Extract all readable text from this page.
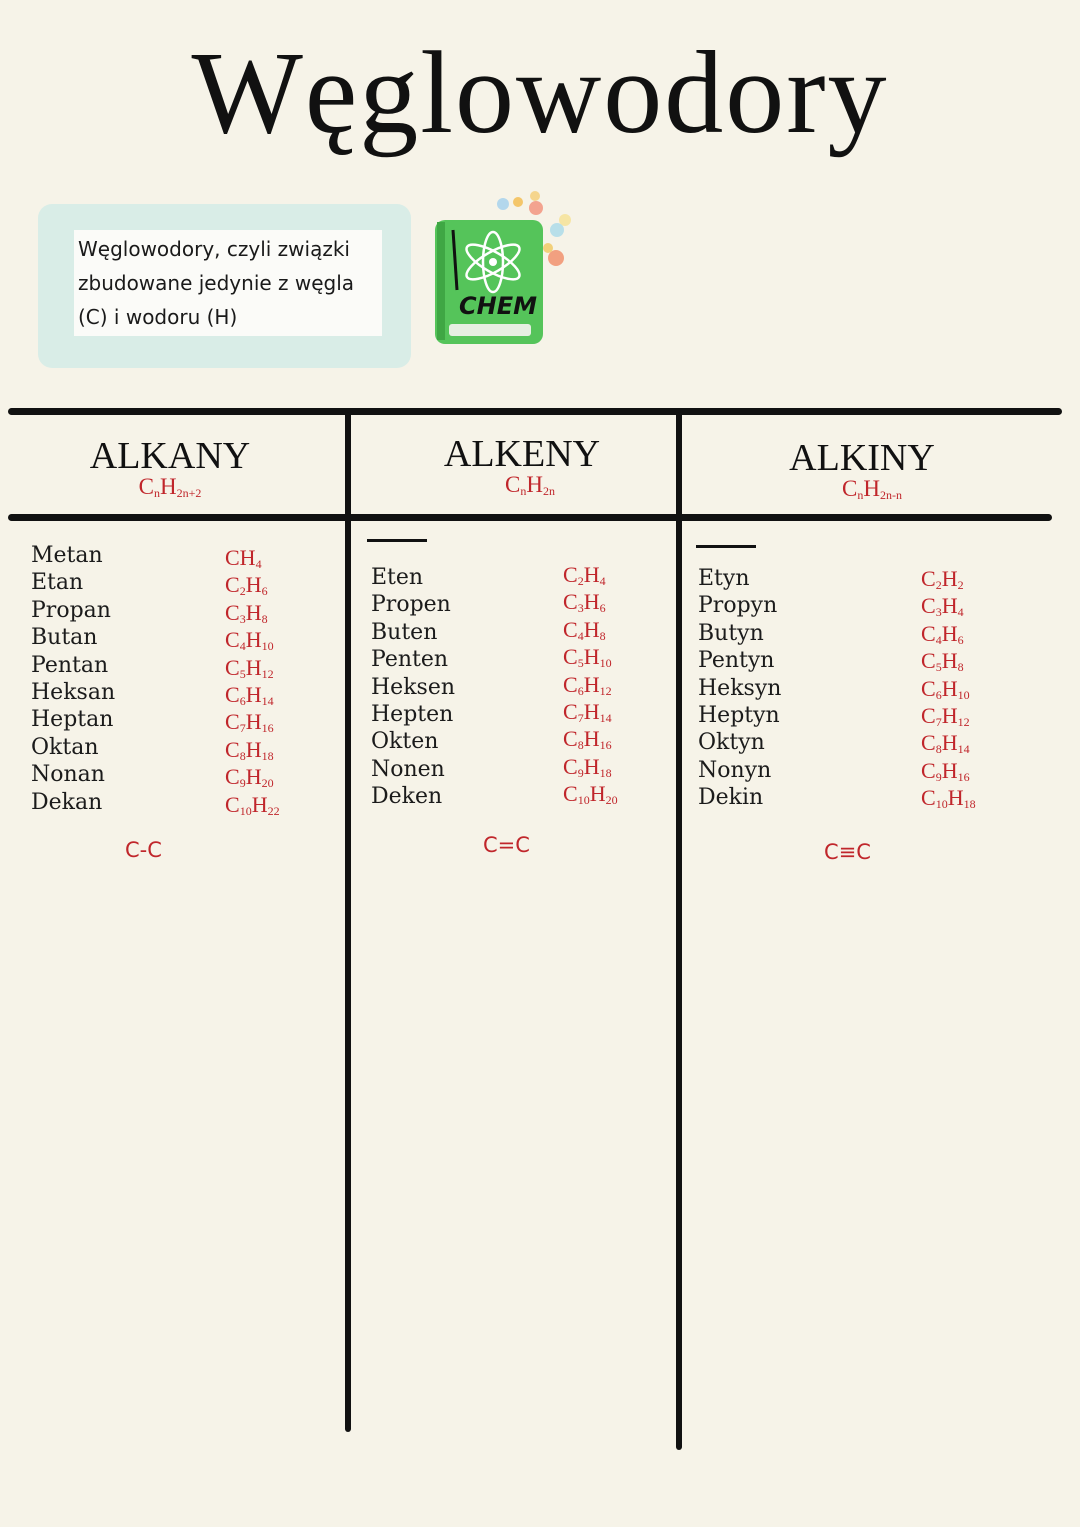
Węglowodory
Węglowodory, czyli związki zbudowane jedynie z węgla (C) i wodoru (H)	CHEM
ALKANY
$C_nH_{2n+2}$
Metan
Etan
Propan
Butan
Pentan
Heksan
Heptan
Oktan
Nonan
Dekan
$CH_4$
$C_2H_6$
$C_3H_8$
$C_4H_{10}$
$C_5H_{12}$
$C_6H_{14}$
$C_7H_{16}$
$C_8H_{18}$
$C_9H_{20}$
$C_{10}H_{22}$
C-C
ALKENY
$C_nH_{2n}$
Eten
Propen
Buten
Penten
Heksen
Hepten
Okten
Nonen
Deken
$C_2H_4$
$C_3H_6$
$C_4H_8$
$C_5H_{10}$
$C_6H_{12}$
$C_7H_{14}$
$C_8H_{16}$
$C_9H_{18}$
$C_{10}H_{20}$
C=C
ALKINY
$C_nH_{2n-n}$
Etyn
Propyn
Butyn
Pentyn
Heksyn
Heptyn
Oktyn
Nonyn
Dekin
$C_2H_2$
$C_3H_4$
$C_4H_6$
$C_5H_8$
$C_6H_{10}$
$C_7H_{12}$
$C_8H_{14}$
$C_9H_{16}$
$C_{10}H_{18}$
C≡C
